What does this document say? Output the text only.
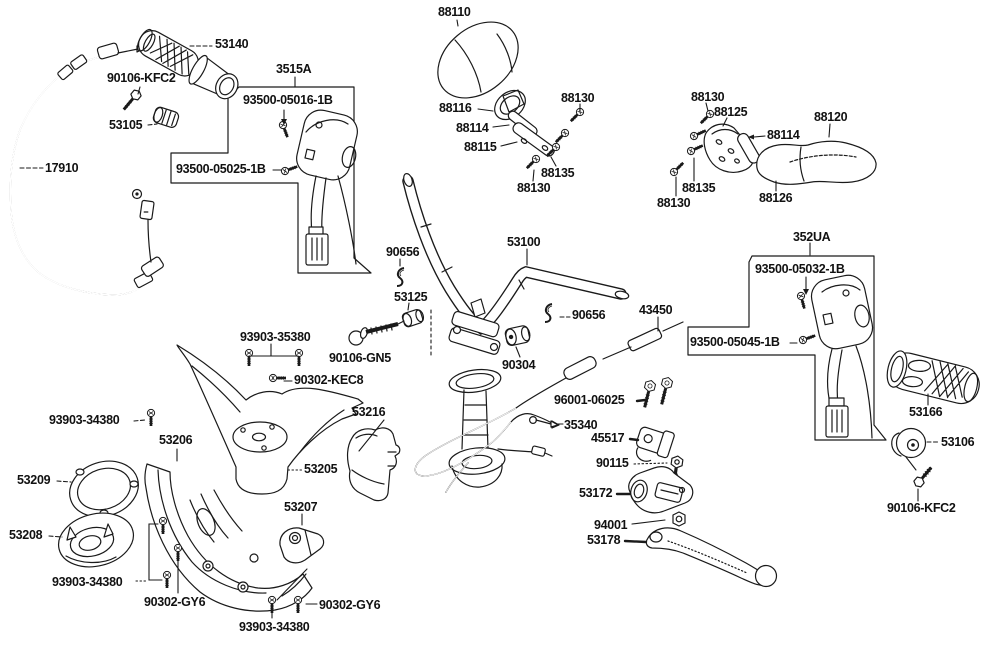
53140
90106-KFC2
53105
17910
3515A
93500-05016-1B
93500-05025-1B
88110
88116
88114
88115
88130
88135
88130
88130
88125
88114
88120
88135
88130	88126
90656
53125
53100
90656	43450
352UA
93500-05032-1B
93500-05045-1B
93903-35380
90106-GN5
90302-KEC8
90304
96001-06025
35340
45517
90115
53172
94001
53178
53166
53106
90106-KFC2
53216
53206
53209
53205
53208
53207
93903-34380
93903-34380
90302-GY6
93903-34380
90302-GY6
